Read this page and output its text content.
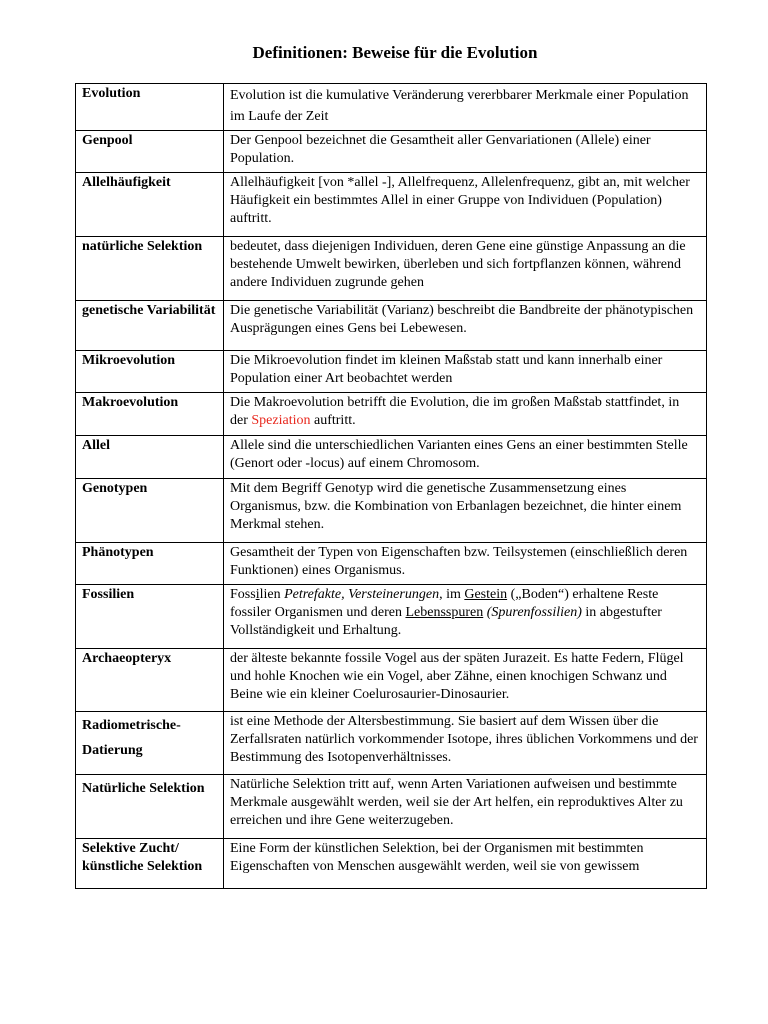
Definitionen: Beweise für die Evolution
Evolution	Evolution ist die kumulative Veränderung vererbbarer Merkmale einer Population im Laufe der Zeit
Genpool	Der Genpool bezeichnet die Gesamtheit aller Genvariationen (Allele) einer Population.
Allelhäufigkeit	Allelhäufigkeit [von *allel -], Allelfrequenz, Allelenfrequenz, gibt an, mit welcher Häufigkeit ein bestimmtes Allel in einer Gruppe von Individuen (Population) auftritt.
natürliche Selektion	bedeutet, dass diejenigen Individuen, deren Gene eine günstige Anpassung an die bestehende Umwelt bewirken, überleben und sich fortpflanzen können, während andere Individuen zugrunde gehen
genetische Variabilität	Die genetische Variabilität (Varianz) beschreibt die Bandbreite der phänotypischen Ausprägungen eines Gens bei Lebewesen.
Mikroevolution	Die Mikroevolution findet im kleinen Maßstab statt und kann innerhalb einer Population einer Art beobachtet werden
Makroevolution	Die Makroevolution betrifft die Evolution, die im großen Maßstab stattfindet, in der Speziation auftritt.
Allel	Allele sind die unterschiedlichen Varianten eines Gens an einer bestimmten Stelle (Genort oder -locus) auf einem Chromosom.
Genotypen	Mit dem Begriff Genotyp wird die genetische Zusammensetzung eines Organismus, bzw. die Kombination von Erbanlagen bezeichnet, die hinter einem Merkmal stehen.
Phänotypen	Gesamtheit der Typen von Eigenschaften bzw. Teilsystemen (einschließlich deren Funktionen) eines Organismus.
Fossilien	Fossilien Petrefakte, Versteinerungen, im Gestein („Boden“) erhaltene Reste fossiler Organismen und deren Lebensspuren (Spurenfossilien) in abgestufter Vollständigkeit und Erhaltung.
Archaeopteryx	der älteste bekannte fossile Vogel aus der späten Jurazeit. Es hatte Federn, Flügel und hohle Knochen wie ein Vogel, aber Zähne, einen knochigen Schwanz und Beine wie ein kleiner Coelurosaurier-Dinosaurier.
Radiometrische-Datierung	ist eine Methode der Altersbestimmung. Sie basiert auf dem Wissen über die Zerfallsraten natürlich vorkommender Isotope, ihres üblichen Vorkommens und der Bestimmung des Isotopenverhältnisses.
Natürliche Selektion	Natürliche Selektion tritt auf, wenn Arten Variationen aufweisen und bestimmte Merkmale ausgewählt werden, weil sie der Art helfen, ein reproduktives Alter zu erreichen und ihre Gene weiterzugeben.
Selektive Zucht/ künstliche Selektion	Eine Form der künstlichen Selektion, bei der Organismen mit bestimmten Eigenschaften von Menschen ausgewählt werden, weil sie von gewissem
